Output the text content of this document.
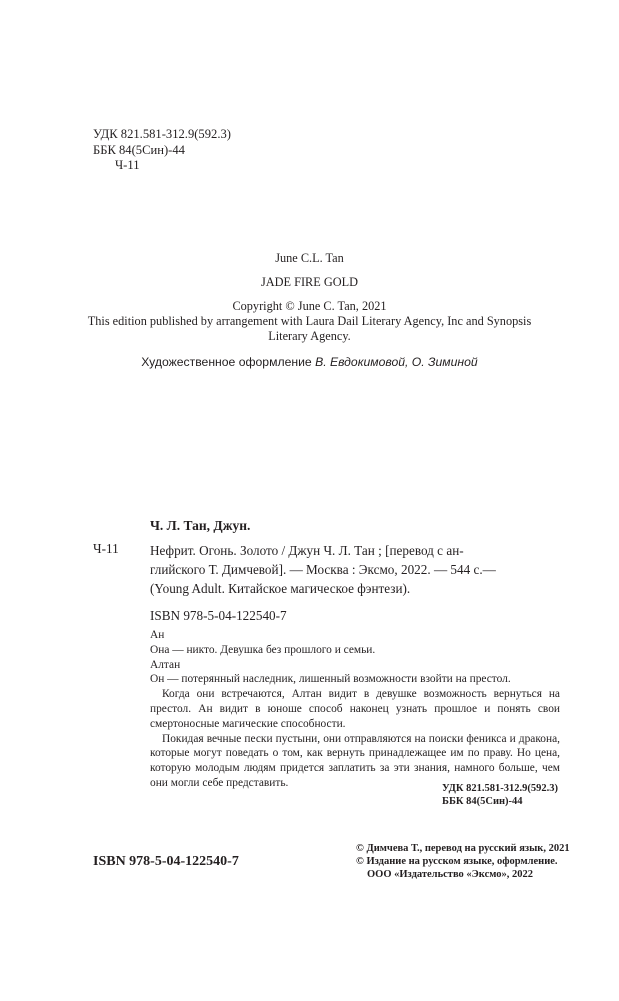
УДК 821.581-312.9(592.3)
ББК 84(5Син)-44
Ч-11
June C.L. Tan
JADE FIRE GOLD
Copyright © June C. Tan, 2021
This edition published by arrangement with Laura Dail Literary Agency, Inc and Synopsis
Literary Agency.
Художественное оформление В. Евдокимовой, О. Зиминой
Ч. Л. Тан, Джун.
Ч-11 Нефрит. Огонь. Золото / Джун Ч. Л. Тан ; [перевод с ан-
глийского Т. Димчевой]. — Москва : Эксмо, 2022. — 544 с.—
(Young Adult. Китайское магическое фэнтези).
ISBN 978-5-04-122540-7

Ан

Она — никто. Девушка без прошлого и семьи.

Алтан

Он — потерянный наследник, лишенный возможности взойти на престол.

Когда они встречаются, Алтан видит в девушке возможность вернуться на престол. Ан видит в юноше способ наконец узнать прошлое и понять свои смертоносные магические способности.

Покидая вечные пески пустыни, они отправляются на поиски феникса и дракона, которые могут поведать о том, как вернуть принадлежащее им по праву. Но цена, которую молодым людям придется заплатить за эти знания, намного больше, чем они могли себе представить.	УДК 821.581-312.9(592.3)
ББК 84(5Син)-44
ISBN 978-5-04-122540-7
© Димчева Т., перевод на русский язык, 2021
© Издание на русском языке, оформление.
ООО «Издательство «Эксмо», 2022
